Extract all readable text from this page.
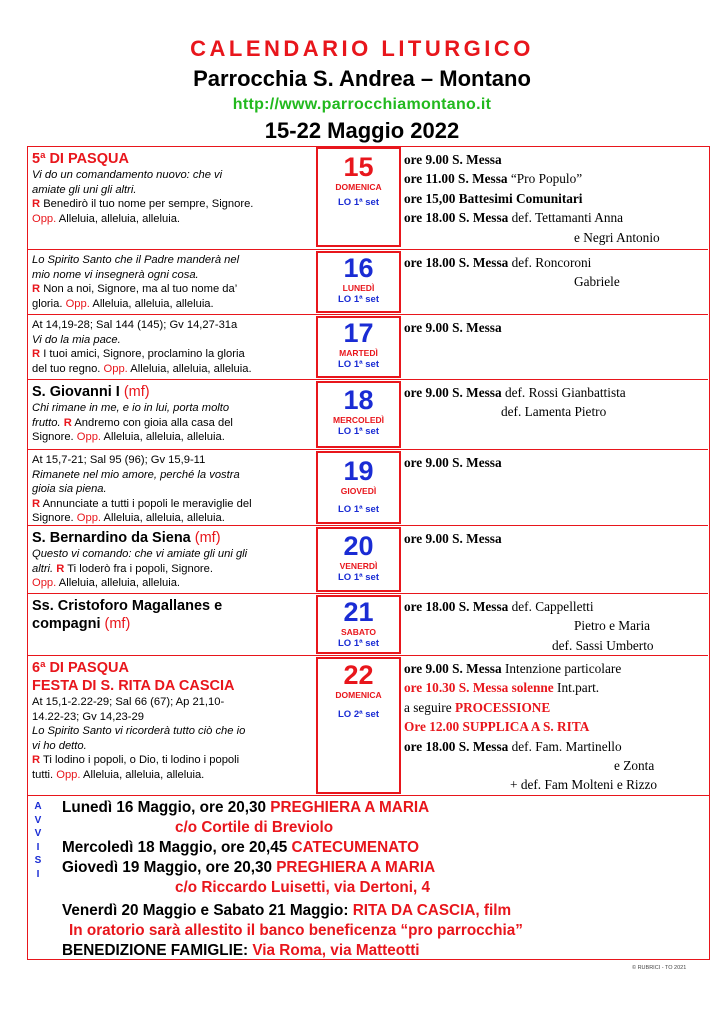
CALENDARIO LITURGICO
Parrocchia S. Andrea – Montano
http://www.parrocchiamontano.it
15-22 Maggio 2022
5ª DI PASQUA
Vi do un comandamento nuovo: che vi
amiate gli uni gli altri.
R Benedirò il tuo nome per sempre, Signore.
Opp. Alleluia, alleluia, alleluia.
15
DOMENICA
LO 1ª set
ore 9.00 S. Messa
ore 11.00 S. Messa “Pro Populo”
ore 15,00 Battesimi Comunitari
ore 18.00 S. Messa def. Tettamanti Anna
e Negri Antonio
Lo Spirito Santo che il Padre manderà nel
mio nome vi insegnerà ogni cosa.
R Non a noi, Signore, ma al tuo nome da’
gloria. Opp. Alleluia, alleluia, alleluia.
16
LUNEDÌ
LO 1ª set
ore 18.00 S. Messa def. Roncoroni
Gabriele
At 14,19-28; Sal 144 (145); Gv 14,27-31a
Vi do la mia pace.
R I tuoi amici, Signore, proclamino la gloria
del tuo regno. Opp. Alleluia, alleluia, alleluia.
17
MARTEDÌ
LO 1ª set
ore 9.00 S. Messa
S. Giovanni I (mf)
Chi rimane in me, e io in lui, porta molto
frutto. R Andremo con gioia alla casa del
Signore. Opp. Alleluia, alleluia, alleluia.
18
MERCOLEDÌ
LO 1ª set
ore 9.00 S. Messa def. Rossi Gianbattista
def. Lamenta Pietro
At 15,7-21; Sal 95 (96); Gv 15,9-11
Rimanete nel mio amore, perché la vostra
gioia sia piena.
R Annunciate a tutti i popoli le meraviglie del
Signore. Opp. Alleluia, alleluia, alleluia.
19
GIOVEDÌ
LO 1ª set
ore 9.00 S. Messa
S. Bernardino da Siena (mf)
Questo vi comando: che vi amiate gli uni gli
altri. R Ti loderò fra i popoli, Signore.
Opp. Alleluia, alleluia, alleluia.
20
VENERDÌ
LO 1ª set
ore 9.00 S. Messa
Ss. Cristoforo Magallanes e
compagni (mf)	21
SABATO
LO 1ª set
ore 18.00 S. Messa def. Cappelletti
Pietro e Maria
def. Sassi Umberto
6ª DI PASQUA
FESTA DI S. RITA DA CASCIA
At 15,1-2.22-29; Sal 66 (67); Ap 21,10-
14.22-23; Gv 14,23-29
Lo Spirito Santo vi ricorderà tutto ciò che io
vi ho detto.
R Ti lodino i popoli, o Dio, ti lodino i popoli
tutti. Opp. Alleluia, alleluia, alleluia.
22
DOMENICA
LO 2ª set
ore 9.00 S. Messa Intenzione particolare
ore 10.30 S. Messa solenne Int.part.
a seguire PROCESSIONE
Ore 12.00 SUPPLICA A S. RITA
ore 18.00 S. Messa def. Fam. Martinello
e Zonta
+ def. Fam Molteni e Rizzo
A
V
V
I
S
I
Lunedì 16 Maggio, ore 20,30 PREGHIERA A MARIA
c/o Cortile di Breviolo
Mercoledì 18 Maggio, ore 20,45 CATECUMENATO
Giovedì 19 Maggio, ore 20,30 PREGHIERA A MARIA
c/o Riccardo Luisetti, via Dertoni, 4
Venerdì 20 Maggio e Sabato 21 Maggio: RITA DA CASCIA, film
In oratorio sarà allestito il banco beneficenza “pro parrocchia”
BENEDIZIONE FAMIGLIE: Via Roma, via Matteotti
© RUBRICI - TO 2021
